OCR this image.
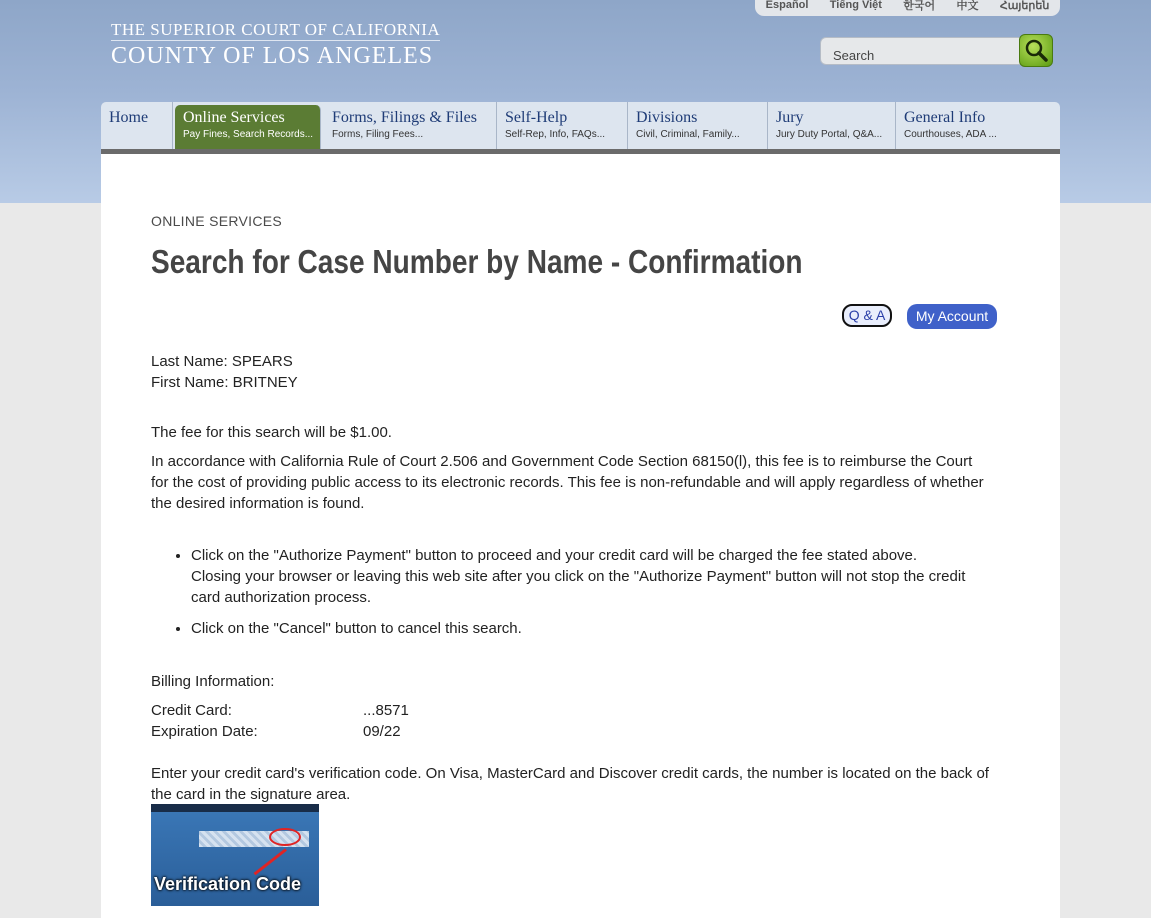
Español Tiếng Việt 한국어 中文 Հայերեն
THE SUPERIOR COURT OF CALIFORNIA
COUNTY OF LOS ANGELES	Search
Home	Online Services
Pay Fines, Search Records...
Forms, Filings & Files
Forms, Filing Fees...
Self-Help
Self-Rep, Info, FAQs...
Divisions
Civil, Criminal, Family...
Jury
Jury Duty Portal, Q&A...
General Info
Courthouses, ADA ...
ONLINE SERVICES
Search for Case Number by Name - Confirmation
Q & A	My Account
Last Name: SPEARS
First Name: BRITNEY
The fee for this search will be $1.00.
In accordance with California Rule of Court 2.506 and Government Code Section 68150(l), this fee is to reimburse the Court for the cost of providing public access to its electronic records. This fee is non-refundable and will apply regardless of whether the desired information is found.
• Click on the "Authorize Payment" button to proceed and your credit card will be charged the fee stated above. Closing your browser or leaving this web site after you click on the "Authorize Payment" button will not stop the credit card authorization process.
• Click on the "Cancel" button to cancel this search.
Billing Information:
Credit Card:	...8571
Expiration Date:	09/22
Enter your credit card's verification code. On Visa, MasterCard and Discover credit cards, the number is located on the back of the card in the signature area.
Verification Code
